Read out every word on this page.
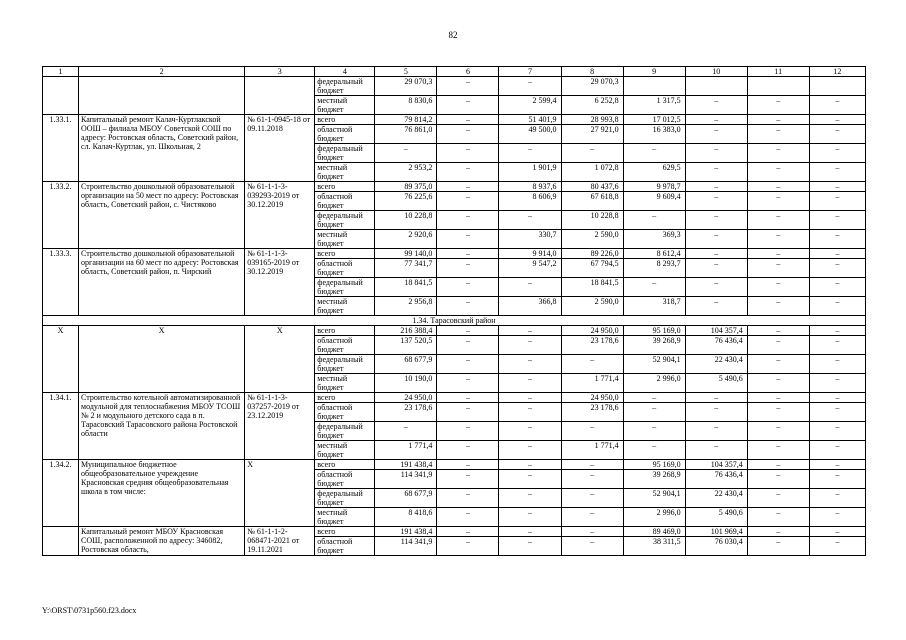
82
1	2	3	4	5	6	7	8	9	10	11	12
			федеральный бюджет	29 070,3	–	–	29 070,3				
			местный бюджет	8 830,6	–	2 599,4	6 252,8	1 317,5	–	–	–
1.33.1.	Капитальный ремонт Калач-Куртлакской ООШ – филиала МБОУ Советской СОШ по адресу: Ростовская область, Советский район, сл. Калач-Куртлак, ул. Школьная, 2	№ 61-1-0945-18 от 09.11.2018	всего	79 814,2	–	51 401,9	28 993,8	17 012,5	–	–	–
			областной бюджет	76 861,0	–	49 500,0	27 921,0	16 383,0	–	–	–
			федеральный бюджет	–	–	–	–	–	–	–	–
			местный бюджет	2 953,2	–	1 901,9	1 072,8	629,5	–	–	–
1.33.2.	Строительство дошкольной образовательной организации на 50 мест по адресу: Ростовская область, Советский район, с. Чистяково	№ 61-1-1-3-039293-2019 от 30.12.2019	всего	89 375,0	–	8 937,6	80 437,6	9 978,7	–	–	–
			областной бюджет	76 225,6	–	8 606,9	67 618,8	9 609,4	–	–	–
			федеральный бюджет	10 228,8	–	–	10 228,8	–	–	–	–
			местный бюджет	2 920,6	–	330,7	2 590,0	369,3	–	–	–
1.33.3.	Строительство дошкольной образовательной организации на 60 мест по адресу: Ростовская область, Советский район, п. Чирский	№ 61-1-1-3-039165-2019 от 30.12.2019	всего	99 140,0	–	9 914,0	89 226,0	8 612,4	–	–	–
			областной бюджет	77 341,7	–	9 547,2	67 794,5	8 293,7	–	–	–
			федеральный бюджет	18 841,5	–	–	18 841,5	–	–	–	–
			местный бюджет	2 956,8	–	366,8	2 590,0	318,7	–	–	–
1.34. Тарасовский район											
Х	Х	Х	всего	216 388,4	–	–	24 950,0	95 169,0	104 357,4	–	–
			областной бюджет	137 520,5	–	–	23 178,6	39 268,9	76 436,4	–	–
			федеральный бюджет	68 677,9	–	–	–	52 904,1	22 430,4	–	–
			местный бюджет	10 190,0	–	–	1 771,4	2 996,0	5 490,6	–	–
1.34.1.	Строительство котельной автоматизированной модульной для теплоснабжения МБОУ ТСОШ № 2 и модульного детского сада в п. Тарасовский Тарасовского района Ростовской области	№ 61-1-1-3-037257-2019 от 23.12.2019	всего	24 950,0	–	–	24 950,0	–	–	–	–
			областной бюджет	23 178,6	–	–	23 178,6	–	–	–	–
			федеральный бюджет	–	–	–	–	–	–	–	–
			местный бюджет	1 771,4	–	–	1 771,4	–	–	–	–
1.34.2.	Муниципальное бюджетное общеобразовательное учреждение Красновская средняя общеобразовательная школа в том числе:	Х	всего	191 438,4	–	–	–	95 169,0	104 357,4	–	–
			областной бюджет	114 341,9	–	–	–	39 268,9	76 436,4	–	–
			федеральный бюджет	68 677,9	–	–	–	52 904,1	22 430,4	–	–
			местный бюджет	8 418,6	–	–	–	2 996,0	5 490,6	–	–
	Капитальный ремонт МБОУ Красновская СОШ, расположенной по адресу: 346082, Ростовская область,	№ 61-1-1-2-068471-2021 от 19.11.2021	всего	191 438,4	–	–	–	89 469,0	101 969,4	–	–
			областной бюджет	114 341,9	–	–	–	38 311,5	76 030,4	–	–
Y:\ORST\0731p560.f23.docx
